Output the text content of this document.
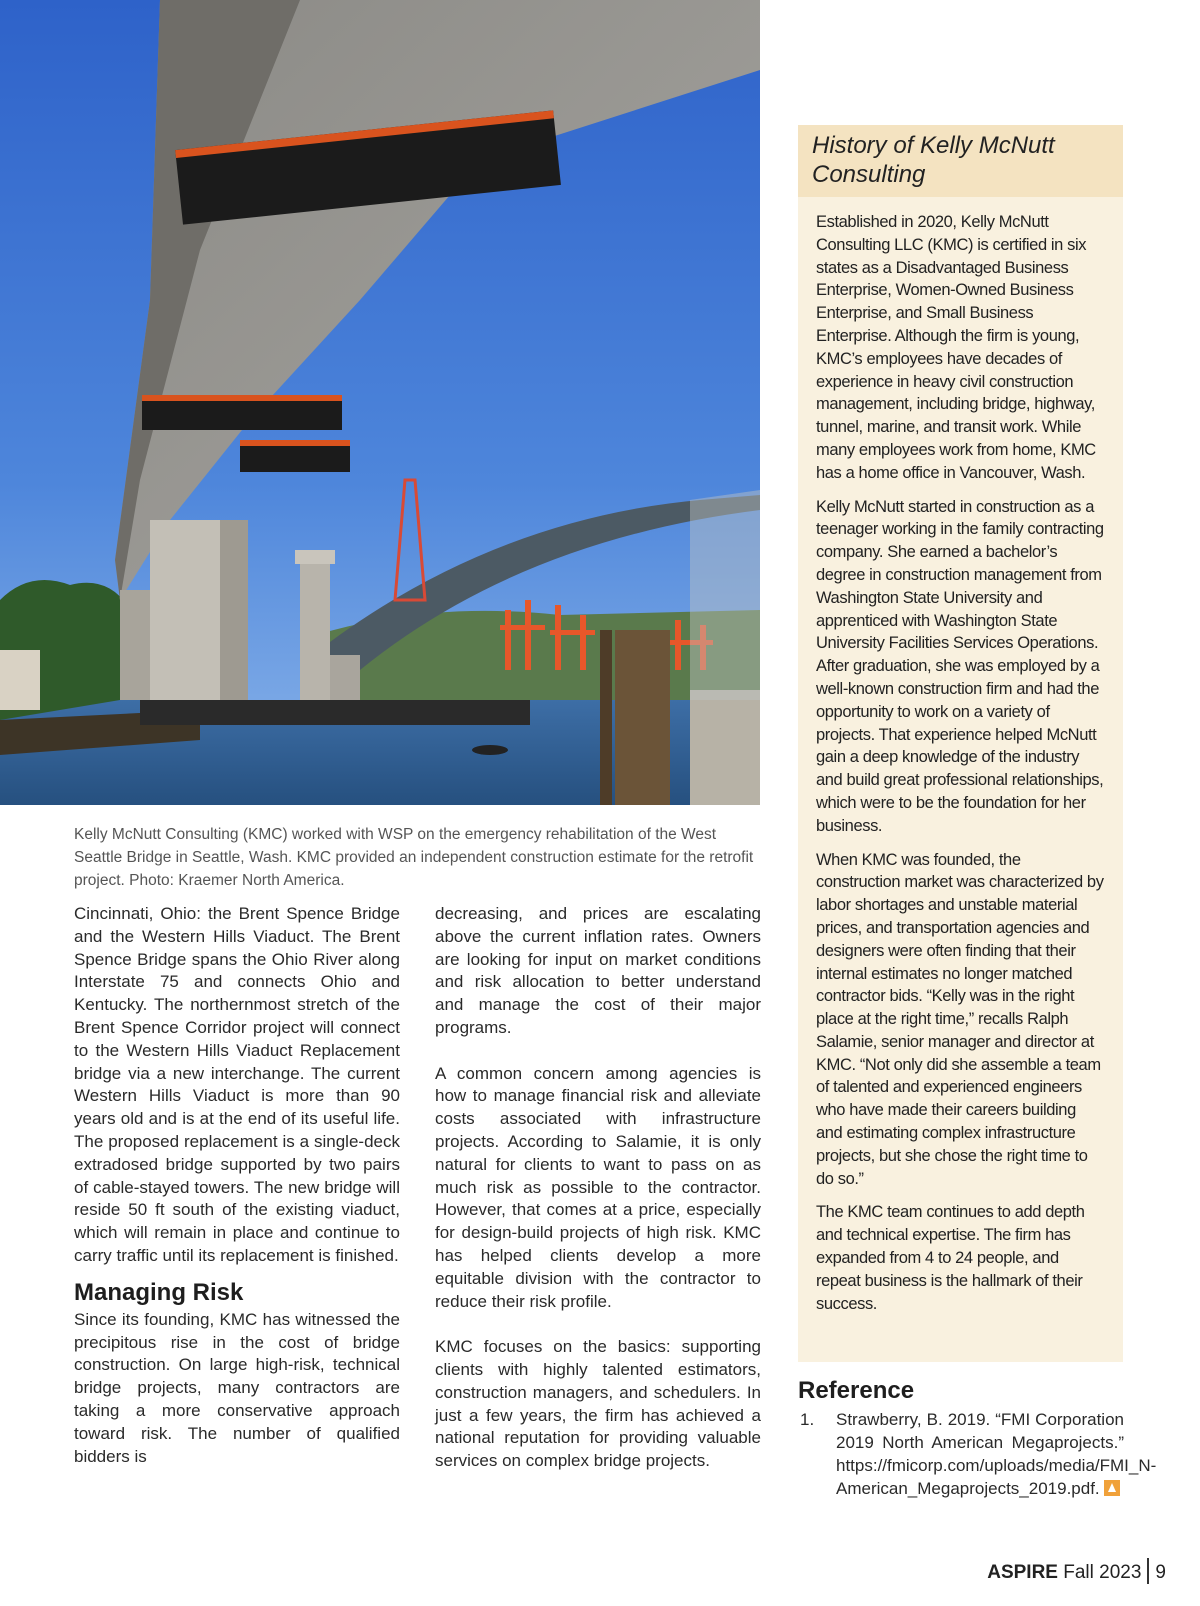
Kelly McNutt Consulting (KMC) worked with WSP on the emergency rehabilitation of the West Seattle Bridge in Seattle, Wash. KMC provided an independent construction estimate for the retrofit project. Photo: Kraemer North America.

Cincinnati, Ohio: the Brent Spence Bridge and the Western Hills Viaduct. The Brent Spence Bridge spans the Ohio River along Interstate 75 and connects Ohio and Kentucky. The northernmost stretch of the Brent Spence Corridor project will connect to the Western Hills Viaduct Replacement bridge via a new interchange. The current Western Hills Viaduct is more than 90 years old and is at the end of its useful life. The proposed replacement is a single-deck extradosed bridge supported by two pairs of cable-stayed towers. The new bridge will reside 50 ft south of the existing viaduct, which will remain in place and continue to carry traffic until its replacement is finished.

Managing Risk

Since its founding, KMC has witnessed the precipitous rise in the cost of bridge construction. On large high-risk, technical bridge projects, many contractors are taking a more conservative approach toward risk. The number of qualified bidders is

decreasing, and prices are escalating above the current inflation rates. Owners are looking for input on market conditions and risk allocation to better understand and manage the cost of their major programs.

A common concern among agencies is how to manage financial risk and alleviate costs associated with infrastructure projects. According to Salamie, it is only natural for clients to want to pass on as much risk as possible to the contractor. However, that comes at a price, especially for design-build projects of high risk. KMC has helped clients develop a more equitable division with the contractor to reduce their risk profile.

KMC focuses on the basics: supporting clients with highly talented estimators, construction managers, and schedulers. In just a few years, the firm has achieved a national reputation for providing valuable services on complex bridge projects.

History of Kelly McNutt Consulting

Established in 2020, Kelly McNutt Consulting LLC (KMC) is certified in six states as a Disadvantaged Business Enterprise, Women-Owned Business Enterprise, and Small Business Enterprise. Although the firm is young, KMC’s employees have decades of experience in heavy civil construction management, including bridge, highway, tunnel, marine, and transit work. While many employees work from home, KMC has a home office in Vancouver, Wash.

Kelly McNutt started in construction as a teenager working in the family contracting company. She earned a bachelor’s degree in construction management from Washington State University and apprenticed with Washington State University Facilities Services Operations. After graduation, she was employed by a well-known construction firm and had the opportunity to work on a variety of projects. That experience helped McNutt gain a deep knowledge of the industry and build great professional relationships, which were to be the foundation for her business.

When KMC was founded, the construction market was characterized by labor shortages and unstable material prices, and transportation agencies and designers were often finding that their internal estimates no longer matched contractor bids. “Kelly was in the right place at the right time,” recalls Ralph Salamie, senior manager and director at KMC. “Not only did she assemble a team of talented and experienced engineers who have made their careers building and estimating complex infrastructure projects, but she chose the right time to do so.”

The KMC team continues to add depth and technical expertise. The firm has expanded from 4 to 24 people, and repeat business is the hallmark of their success.

Reference
1. Strawberry, B. 2019. “FMI Corporation 2019 North American Megaprojects.” https://fmicorp.com/uploads/media/FMI_N-American_Megaprojects_2019.pdf.
ASPIRE Fall 2023 9
